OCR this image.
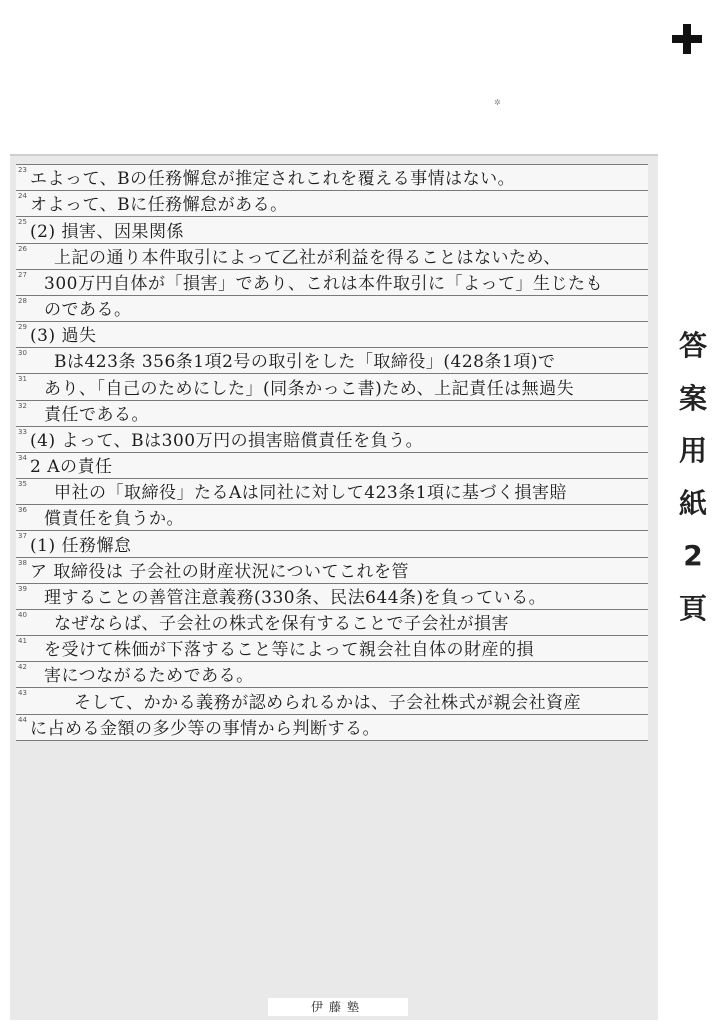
✲
23 エよって、Bの任務懈怠が推定されこれを覆える事情はない。
24 オよって、Bに任務懈怠がある。
25 (2) 損害、因果関係
26 上記の通り本件取引によって乙社が利益を得ることはないため、
27 300万円自体が「損害」であり、これは本件取引に「よって」生じたも
28 のである。
29 (3) 過失
30 Bは423条 356条1項2号の取引をした「取締役」(428条1項)で
31 あり、「自己のためにした」(同条かっこ書)ため、上記責任は無過失
32 責任である。
33 (4) よって、Bは300万円の損害賠償責任を負う。
34 2 Aの責任
35 甲社の「取締役」たるAは同社に対して423条1項に基づく損害賠
36 償責任を負うか。
37 (1) 任務懈怠
38 ア 取締役は 子会社の財産状況についてこれを管
39 理することの善管注意義務(330条、民法644条)を負っている。
40 なぜならば、子会社の株式を保有することで子会社が損害
41 を受けて株価が下落すること等によって親会社自体の財産的損
42 害につながるためである。
43	そして、かかる義務が認められるかは、子会社株式が親会社資産
44 に占める金額の多少等の事情から判断する。
伊藤塾
答
案
用
紙
2
頁
